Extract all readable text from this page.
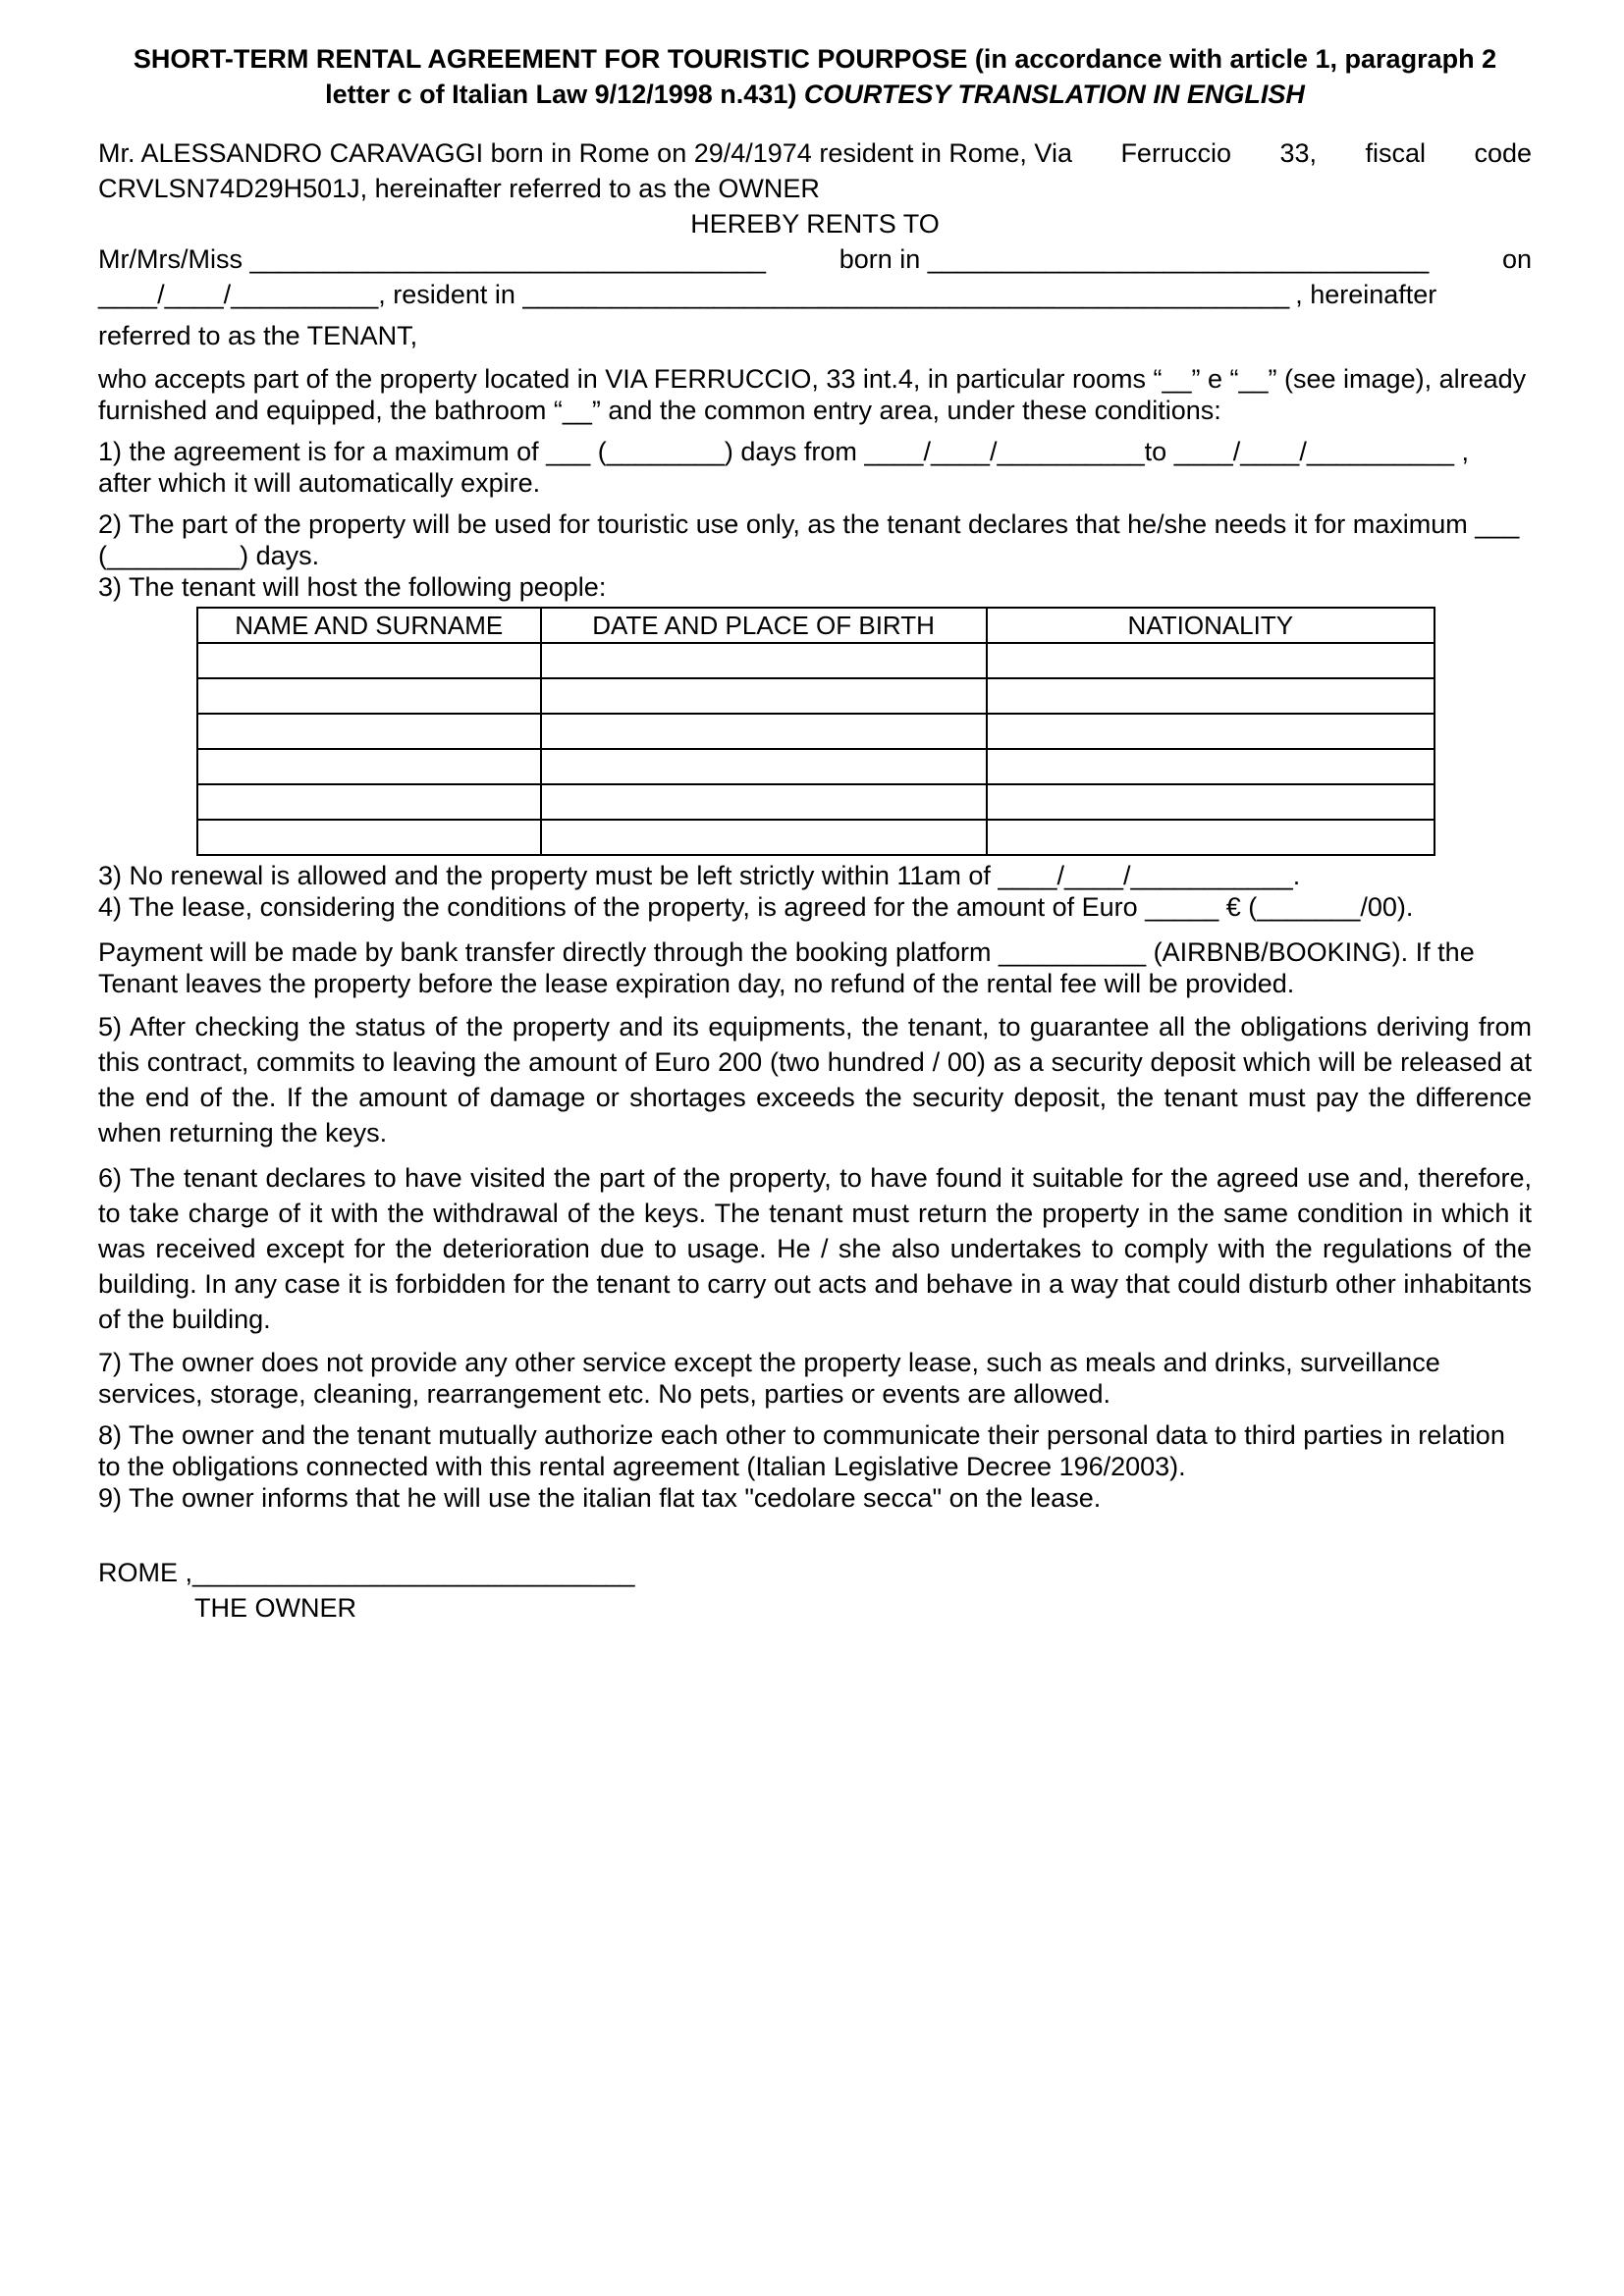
SHORT-TERM RENTAL AGREEMENT FOR TOURISTIC POURPOSE (in accordance with article 1, paragraph 2 letter c of Italian Law 9/12/1998 n.431) COURTESY TRANSLATION IN ENGLISH
Mr. ALESSANDRO CARAVAGGI born in Rome on 29/4/1974 resident in Rome, Via Ferruccio 33, fiscal code

CRVLSN74D29H501J, hereinafter referred to as the OWNER

HEREBY RENTS TO

Mr/Mrs/Miss ___________________________________	born in __________________________________	on
____/____/__________, resident in ____________________________________________________ , hereinafter

referred to as the TENANT,

who accepts part of the property located in VIA FERRUCCIO, 33 int.4, in particular rooms “__” e “__” (see image), already furnished and equipped, the bathroom “__” and the common entry area, under these conditions:

1) the agreement is for a maximum of ___ (________) days from ____/____/__________to ____/____/__________ ,

after which it will automatically expire.

2) The part of the property will be used for touristic use only, as the tenant declares that he/she needs it for maximum ___ (_________) days.

3) The tenant will host the following people:

NAME AND SURNAME	DATE AND PLACE OF BIRTH	NATIONALITY

3) No renewal is allowed and the property must be left strictly within 11am of ____/____/___________.

4) The lease, considering the conditions of the property, is agreed for the amount of Euro _____ € (_______/00).

Payment will be made by bank transfer directly through the booking platform __________ (AIRBNB/BOOKING). If the Tenant leaves the property before the lease expiration day, no refund of the rental fee will be provided.

5) After checking the status of the property and its equipments, the tenant, to guarantee all the obligations deriving from this contract, commits to leaving the amount of Euro 200 (two hundred / 00) as a security deposit which will be released at the end of the. If the amount of damage or shortages exceeds the security deposit, the tenant must pay the difference when returning the keys.

6) The tenant declares to have visited the part of the property, to have found it suitable for the agreed use and, therefore, to take charge of it with the withdrawal of the keys. The tenant must return the property in the same condition in which it was received except for the deterioration due to usage. He / she also undertakes to comply with the regulations of the building. In any case it is forbidden for the tenant to carry out acts and behave in a way that could disturb other inhabitants of the building.

7) The owner does not provide any other service except the property lease, such as meals and drinks, surveillance services, storage, cleaning, rearrangement etc. No pets, parties or events are allowed.

8) The owner and the tenant mutually authorize each other to communicate their personal data to third parties in relation to the obligations connected with this rental agreement (Italian Legislative Decree 196/2003).

9) The owner informs that he will use the italian flat tax "cedolare secca" on the lease.

ROME ,______________________________

THE OWNER
